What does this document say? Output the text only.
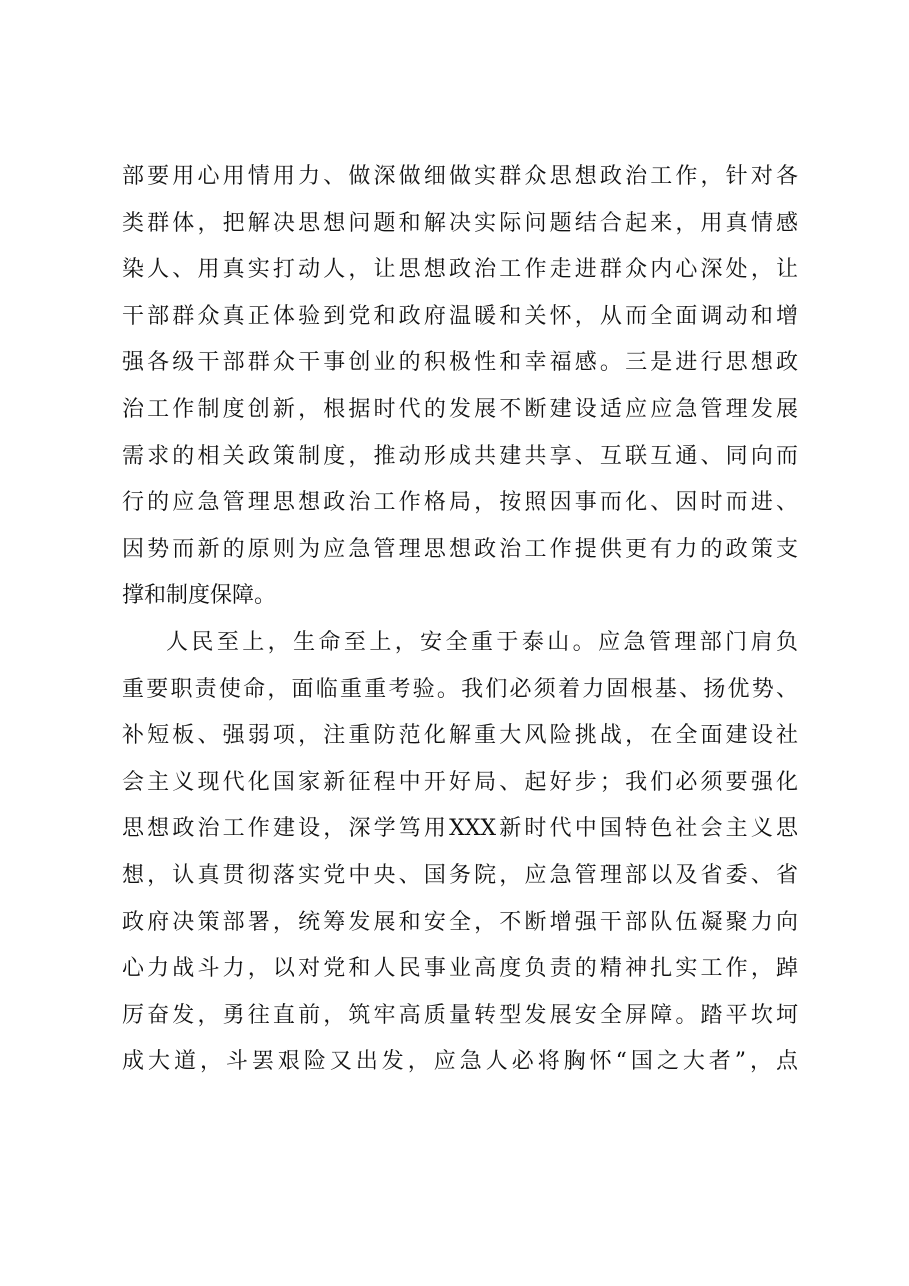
部要用心用情用力、做深做细做实群众思想政治工作，针对各
类群体，把解决思想问题和解决实际问题结合起来，用真情感
染人、用真实打动人，让思想政治工作走进群众内心深处，让
干部群众真正体验到党和政府温暖和关怀，从而全面调动和增
强各级干部群众干事创业的积极性和幸福感。三是进行思想政
治工作制度创新，根据时代的发展不断建设适应应急管理发展
需求的相关政策制度，推动形成共建共享、互联互通、同向而
行的应急管理思想政治工作格局，按照因事而化、因时而进、
因势而新的原则为应急管理思想政治工作提供更有力的政策支
撑和制度保障。
人民至上，生命至上，安全重于泰山。应急管理部门肩负
重要职责使命，面临重重考验。我们必须着力固根基、扬优势、
补短板、强弱项，注重防范化解重大风险挑战，在全面建设社
会主义现代化国家新征程中开好局、起好步；我们必须要强化
思想政治工作建设，深学笃用XXX新时代中国特色社会主义思
想，认真贯彻落实党中央、国务院，应急管理部以及省委、省
政府决策部署，统筹发展和安全，不断增强干部队伍凝聚力向
心力战斗力，以对党和人民事业高度负责的精神扎实工作，踔
厉奋发，勇往直前，筑牢高质量转型发展安全屏障。踏平坎坷
成大道，斗罢艰险又出发，应急人必将胸怀“国之大者”，点
